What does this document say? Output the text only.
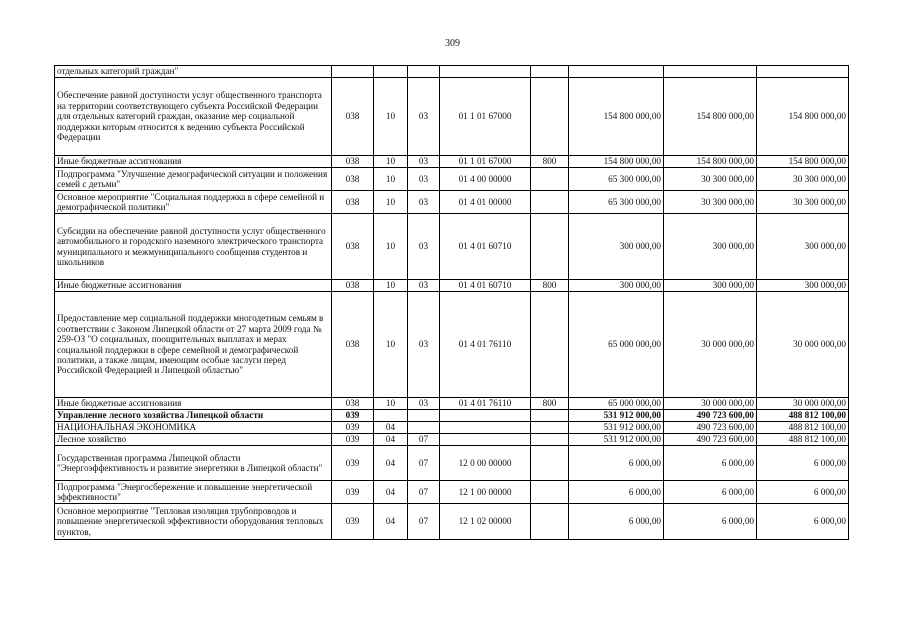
309
отдельных категорий граждан"								
Обеспечение равной доступности услуг общественного транспорта на территории соответствующего субъекта Российской Федерации для отдельных категорий граждан, оказание мер социальной поддержки которым относится к ведению субъекта Российской Федерации	038	10	03	01 1 01 67000		154 800 000,00	154 800 000,00	154 800 000,00
Иные бюджетные ассигнования	038	10	03	01 1 01 67000	800	154 800 000,00	154 800 000,00	154 800 000,00
Подпрограмма "Улучшение демографической ситуации и положения семей с детьми"	038	10	03	01 4 00 00000		65 300 000,00	30 300 000,00	30 300 000,00
Основное мероприятие "Социальная поддержка в сфере семейной и демографической политики"	038	10	03	01 4 01 00000		65 300 000,00	30 300 000,00	30 300 000,00
Субсидии на обеспечение равной доступности услуг общественного автомобильного и городского наземного электрического транспорта муниципального и межмуниципального сообщения студентов и школьников	038	10	03	01 4 01 60710		300 000,00	300 000,00	300 000,00
Иные бюджетные ассигнования	038	10	03	01 4 01 60710	800	300 000,00	300 000,00	300 000,00
Предоставление мер социальной поддержки многодетным семьям в соответствии с Законом Липецкой области от 27 марта 2009 года № 259-ОЗ "О социальных, поощрительных выплатах и мерах социальной поддержки в сфере семейной и демографической политики, а также лицам, имеющим особые заслуги перед Российской Федерацией и Липецкой областью"	038	10	03	01 4 01 76110		65 000 000,00	30 000 000,00	30 000 000,00
Иные бюджетные ассигнования	038	10	03	01 4 01 76110	800	65 000 000,00	30 000 000,00	30 000 000,00
Управление лесного хозяйства Липецкой области	039					531 912 000,00	490 723 600,00	488 812 100,00
НАЦИОНАЛЬНАЯ ЭКОНОМИКА	039	04				531 912 000,00	490 723 600,00	488 812 100,00
Лесное хозяйство	039	04	07			531 912 000,00	490 723 600,00	488 812 100,00
Государственная программа Липецкой области "Энергоэффективность и развитие энергетики в Липецкой области"	039	04	07	12 0 00 00000		6 000,00	6 000,00	6 000,00
Подпрограмма "Энергосбережение и повышение энергетической эффективности"	039	04	07	12 1 00 00000		6 000,00	6 000,00	6 000,00
Основное мероприятие "Тепловая изоляция трубопроводов и повышение энергетической эффективности оборудования тепловых пунктов,	039	04	07	12 1 02 00000		6 000,00	6 000,00	6 000,00
